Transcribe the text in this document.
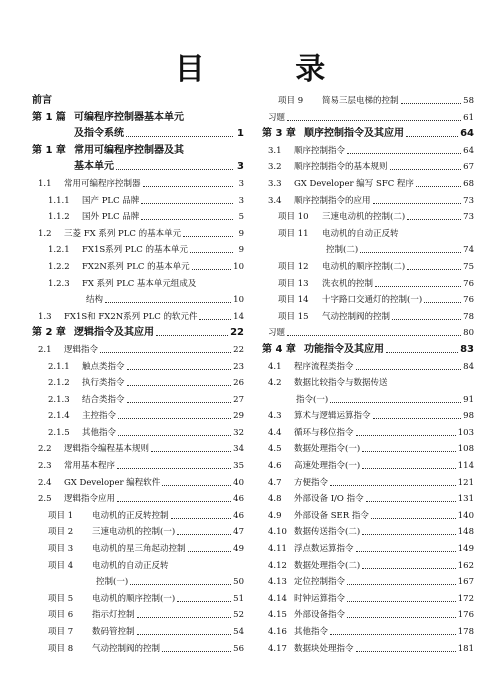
目 录
前言
第 1 篇 可编程序控制器基本单元
及指令系统	1
第 1 章 常用可编程序控制器及其
基本单元	3
1.1	常用可编程序控制器	3
1.1.1	国产 PLC 品牌	3
1.1.2	国外 PLC 品牌	5
1.2	三菱 FX 系列 PLC 的基本单元	9
1.2.1	FX1S系列 PLC 的基本单元	9
1.2.2	FX2N系列 PLC 的基本单元	10
1.2.3	FX 系列 PLC 基本单元组成及
结构	10
1.3	FX1S和 FX2N系列 PLC 的软元件	14
第 2 章 逻辑指令及其应用	22
2.1	逻辑指令	22
2.1.1	触点类指令	23
2.1.2	执行类指令	26
2.1.3	结合类指令	27
2.1.4	主控指令	29
2.1.5	其他指令	32
2.2	逻辑指令编程基本规则	34
2.3	常用基本程序	35
2.4	GX Developer 编程软件	40
2.5	逻辑指令应用	46
项目 1	电动机的正反转控制	46
项目 2	三速电动机的控制(一)	47
项目 3	电动机的星三角起动控制	49
项目 4	电动机的自动正反转
控制(一)	50
项目 5	电动机的顺序控制(一)	51
项目 6	指示灯控制	52
项目 7	数码管控制	54
项目 8	气动控制阀的控制	56
项目 9	简易三层电梯的控制	58
习题	61
第 3 章 顺序控制指令及其应用	64
3.1	顺序控制指令	64
3.2	顺序控制指令的基本规则	67
3.3	GX Developer 编写 SFC 程序	68
3.4	顺序控制指令的应用	73
项目 10	三速电动机的控制(二)	73
项目 11	电动机的自动正反转
控制(二)	74
项目 12	电动机的顺序控制(二)	75
项目 13	洗衣机的控制	76
项目 14	十字路口交通灯的控制(一)	76
项目 15	气动控制阀的控制	78
习题	80
第 4 章 功能指令及其应用	83
4.1	程序流程类指令	84
4.2	数据比较指令与数据传送
指令(一)	91
4.3	算术与逻辑运算指令	98
4.4	循环与移位指令	103
4.5	数据处理指令(一)	108
4.6	高速处理指令(一)	114
4.7	方便指令	121
4.8	外部设备 I/O 指令	131
4.9	外部设备 SER 指令	140
4.10 数据传送指令(二)	148
4.11 浮点数运算指令	149
4.12 数据处理指令(二)	162
4.13 定位控制指令	167
4.14 时钟运算指令	172
4.15 外部设备指令	176
4.16 其他指令	178
4.17 数据块处理指令	181
